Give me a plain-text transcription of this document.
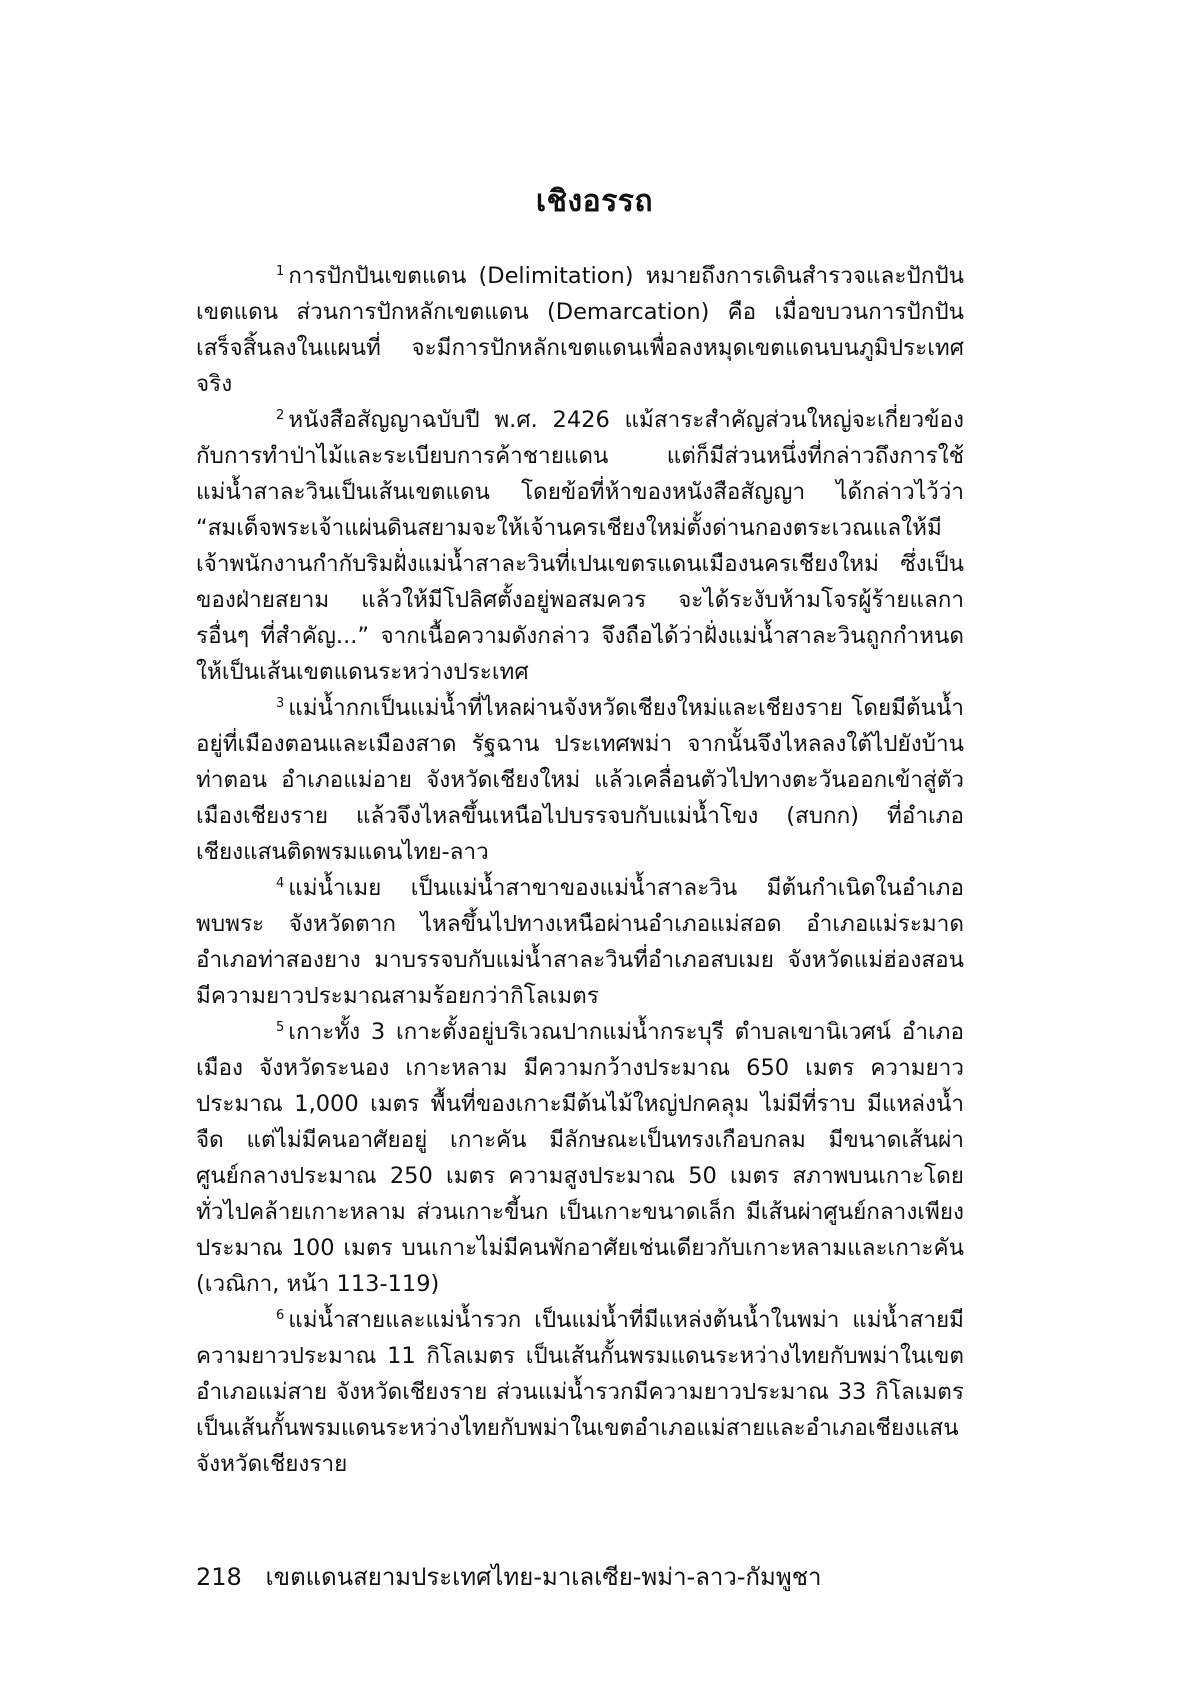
เชิงอรรถ

$^1$ การปักปันเขตแดน (Delimitation) หมายถึงการเดินสำรวจและปักปันเขตแดน ส่วนการปักหลักเขตแดน (Demarcation) คือ เมื่อขบวนการปักปันเสร็จสิ้นลงในแผนที่ จะมีการปักหลักเขตแดนเพื่อลงหมุดเขตแดนบนภูมิประเทศจริง

$^2$ หนังสือสัญญาฉบับปี พ.ศ. 2426 แม้สาระสำคัญส่วนใหญ่จะเกี่ยวข้องกับการทำป่าไม้และระเบียบการค้าชายแดน แต่ก็มีส่วนหนึ่งที่กล่าวถึงการใช้แม่น้ำสาละวินเป็นเส้นเขตแดน โดยข้อที่ห้าของหนังสือสัญญา ได้กล่าวไว้ว่า “สมเด็จพระเจ้าแผ่นดินสยามจะให้เจ้านครเชียงใหม่ตั้งด่านกองตระเวณแลให้มีเจ้าพนักงานกำกับริมฝั่งแม่น้ำสาละวินที่เปนเขตรแดนเมืองนครเชียงใหม่ ซึ่งเป็นของฝ่ายสยาม แล้วให้มีโปลิศตั้งอยู่พอสมควร จะได้ระงับห้ามโจรผู้ร้ายแลการอื่นๆ ที่สำคัญ...” จากเนื้อความดังกล่าว จึงถือได้ว่าฝั่งแม่น้ำสาละวินถูกกำหนดให้เป็นเส้นเขตแดนระหว่างประเทศ

$^3$ แม่น้ำกกเป็นแม่น้ำที่ไหลผ่านจังหวัดเชียงใหม่และเชียงราย โดยมีต้นน้ำอยู่ที่เมืองตอนและเมืองสาด รัฐฉาน ประเทศพม่า จากนั้นจึงไหลลงใต้ไปยังบ้านท่าตอน อำเภอแม่อาย จังหวัดเชียงใหม่ แล้วเคลื่อนตัวไปทางตะวันออกเข้าสู่ตัวเมืองเชียงราย แล้วจึงไหลขึ้นเหนือไปบรรจบกับแม่น้ำโขง (สบกก) ที่อำเภอเชียงแสนติดพรมแดนไทย-ลาว

$^4$ แม่น้ำเมย เป็นแม่น้ำสาขาของแม่น้ำสาละวิน มีต้นกำเนิดในอำเภอพบพระ จังหวัดตาก ไหลขึ้นไปทางเหนือผ่านอำเภอแม่สอด อำเภอแม่ระมาดอำเภอท่าสองยาง มาบรรจบกับแม่น้ำสาละวินที่อำเภอสบเมย จังหวัดแม่ฮ่องสอนมีความยาวประมาณสามร้อยกว่ากิโลเมตร

$^5$ เกาะทั้ง 3 เกาะตั้งอยู่บริเวณปากแม่น้ำกระบุรี ตำบลเขานิเวศน์ อำเภอเมือง จังหวัดระนอง เกาะหลาม มีความกว้างประมาณ 650 เมตร ความยาวประมาณ 1,000 เมตร พื้นที่ของเกาะมีต้นไม้ใหญ่ปกคลุม ไม่มีที่ราบ มีแหล่งน้ำจืด แต่ไม่มีคนอาศัยอยู่ เกาะคัน มีลักษณะเป็นทรงเกือบกลม มีขนาดเส้นผ่าศูนย์กลางประมาณ 250 เมตร ความสูงประมาณ 50 เมตร สภาพบนเกาะโดยทั่วไปคล้ายเกาะหลาม ส่วนเกาะขี้นก เป็นเกาะขนาดเล็ก มีเส้นผ่าศูนย์กลางเพียงประมาณ 100 เมตร บนเกาะไม่มีคนพักอาศัยเช่นเดียวกับเกาะหลามและเกาะคัน (เวณิกา, หน้า 113-119)

$^6$ แม่น้ำสายและแม่น้ำรวก เป็นแม่น้ำที่มีแหล่งต้นน้ำในพม่า แม่น้ำสายมีความยาวประมาณ 11 กิโลเมตร เป็นเส้นกั้นพรมแดนระหว่างไทยกับพม่าในเขตอำเภอแม่สาย จังหวัดเชียงราย ส่วนแม่น้ำรวกมีความยาวประมาณ 33 กิโลเมตร เป็นเส้นกั้นพรมแดนระหว่างไทยกับพม่าในเขตอำเภอแม่สายและอำเภอเชียงแสน จังหวัดเชียงราย

218 เขตแดนสยามประเทศไทย-มาเลเซีย-พม่า-ลาว-กัมพูชา
